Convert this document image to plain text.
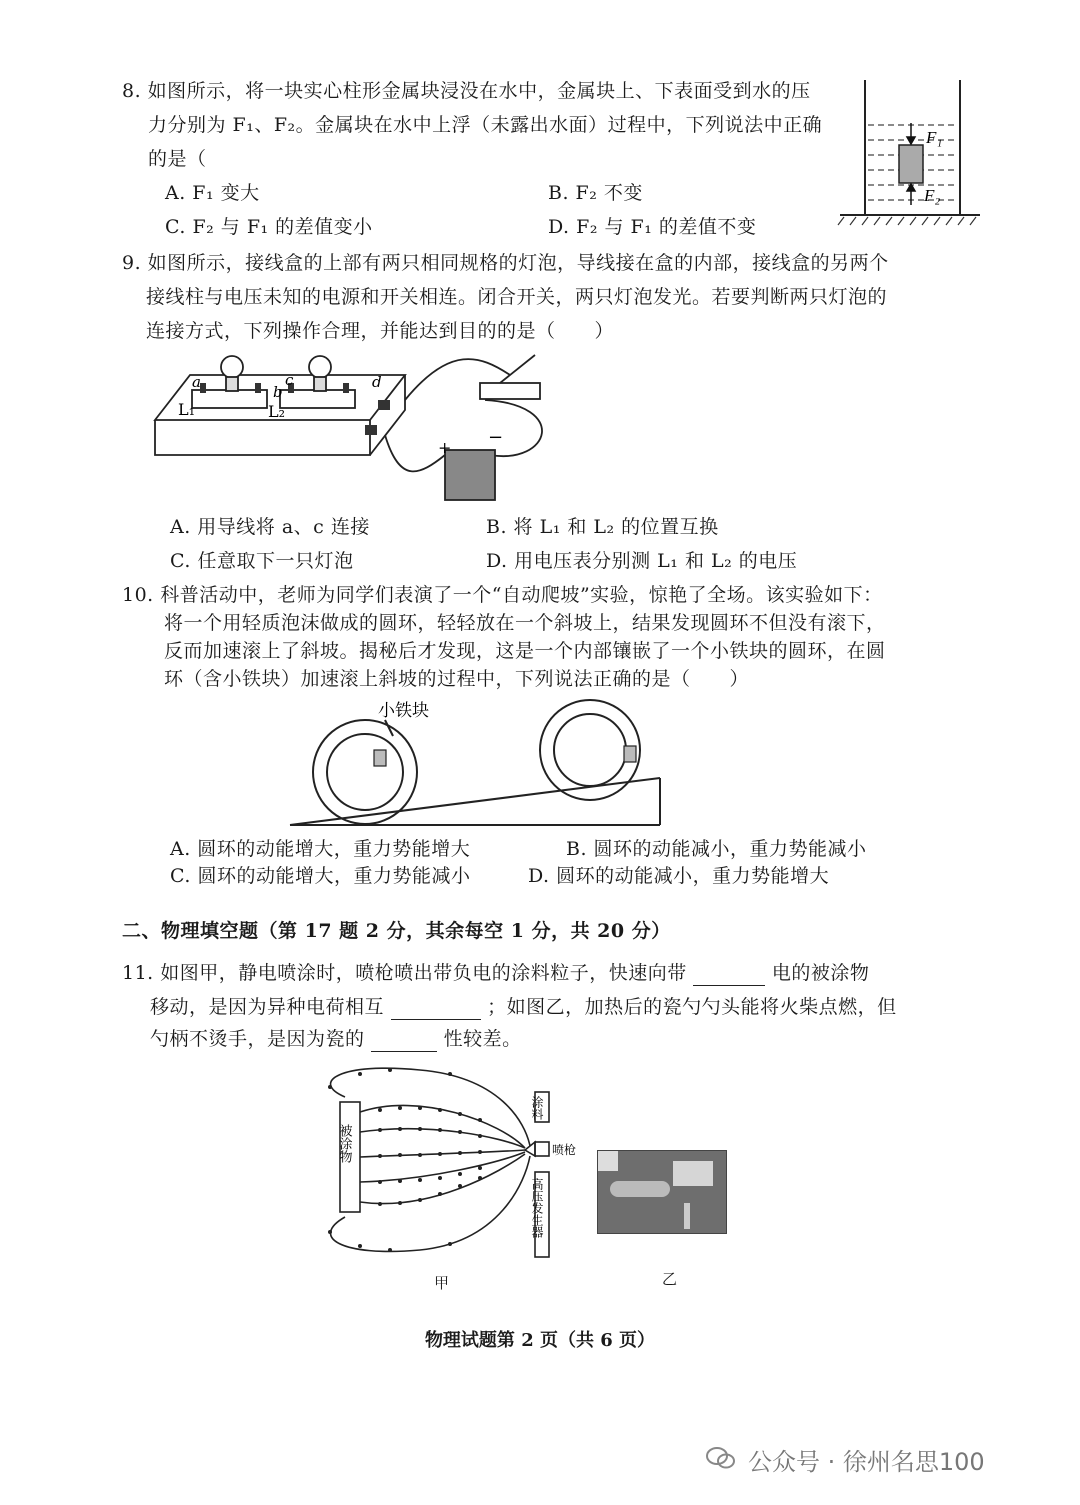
8. 如图所示，将一块实心柱形金属块浸没在水中，金属块上、下表面受到水的压
力分别为 F₁、F₂。金属块在水中上浮（未露出水面）过程中，下列说法中正确
的是（
A. F₁ 变大	B. F₂ 不变
C. F₂ 与 F₁ 的差值变小	D. F₂ 与 F₁ 的差值不变
F₁
F₂
9. 如图所示，接线盒的上部有两只相同规格的灯泡，导线接在盒的内部，接线盒的另两个
接线柱与电压未知的电源和开关相连。闭合开关，两只灯泡发光。若要判断两只灯泡的
连接方式，下列操作合理，并能达到目的的是（　　）
a
b
c	d
L₁	L₂
+ −
A. 用导线将 a、c 连接	B. 将 L₁ 和 L₂ 的位置互换
C. 任意取下一只灯泡	D. 用电压表分别测 L₁ 和 L₂ 的电压
10. 科普活动中，老师为同学们表演了一个“自动爬坡”实验，惊艳了全场。该实验如下：
将一个用轻质泡沫做成的圆环，轻轻放在一个斜坡上，结果发现圆环不但没有滚下，
反而加速滚上了斜坡。揭秘后才发现，这是一个内部镶嵌了一个小铁块的圆环，在圆
环（含小铁块）加速滚上斜坡的过程中，下列说法正确的是（　　）
小铁块
A. 圆环的动能增大，重力势能增大	B. 圆环的动能减小，重力势能减小
C. 圆环的动能增大，重力势能减小	D. 圆环的动能减小，重力势能增大
二、物理填空题（第 17 题 2 分，其余每空 1 分，共 20 分）
11. 如图甲，静电喷涂时，喷枪喷出带负电的涂料粒子，快速向带	电的被涂物
移动，是因为异种电荷相互	；如图乙，加热后的瓷勺勺头能将火柴点燃，但
勺柄不烫手，是因为瓷的	性较差。
被涂物
涂料
喷枪
高压发生器
甲	乙
物理试题第 2 页（共 6 页）
公众号 · 徐州名思100
